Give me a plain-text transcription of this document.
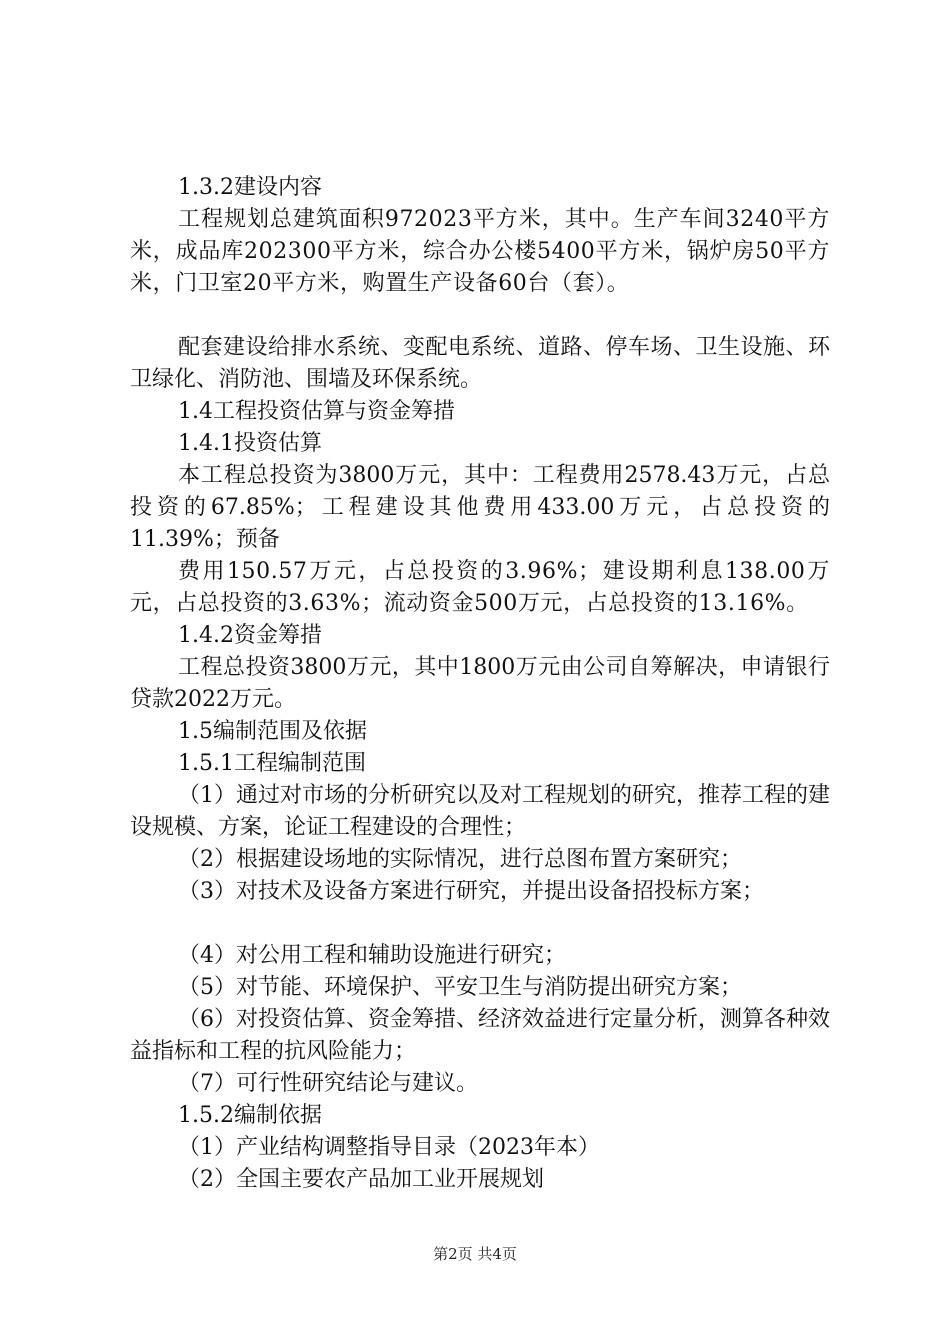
1.3.2建设内容

工程规划总建筑面积972023平方米，其中。生产车间3240平方米，成品库202300平方米，综合办公楼5400平方米，锅炉房50平方米，门卫室20平方米，购置生产设备60台（套）。

配套建设给排水系统、变配电系统、道路、停车场、卫生设施、环卫绿化、消防池、围墙及环保系统。

1.4工程投资估算与资金筹措

1.4.1投资估算

本工程总投资为3800万元，其中：工程费用2578.43万元，占总投资的67.85%；工程建设其他费用433.00万元，占总投资的11.39%；预备

费用150.57万元，占总投资的3.96%；建设期利息138.00万元，占总投资的3.63%；流动资金500万元，占总投资的13.16%。

1.4.2资金筹措

工程总投资3800万元，其中1800万元由公司自筹解决，申请银行贷款2022万元。

1.5编制范围及依据

1.5.1工程编制范围

（1）通过对市场的分析研究以及对工程规划的研究，推荐工程的建设规模、方案，论证工程建设的合理性；

（2）根据建设场地的实际情况，进行总图布置方案研究；

（3）对技术及设备方案进行研究，并提出设备招投标方案；

（4）对公用工程和辅助设施进行研究；

（5）对节能、环境保护、平安卫生与消防提出研究方案；

（6）对投资估算、资金筹措、经济效益进行定量分析，测算各种效益指标和工程的抗风险能力；

（7）可行性研究结论与建议。

1.5.2编制依据

（1）产业结构调整指导目录（2023年本）

（2）全国主要农产品加工业开展规划

第2页 共4页
